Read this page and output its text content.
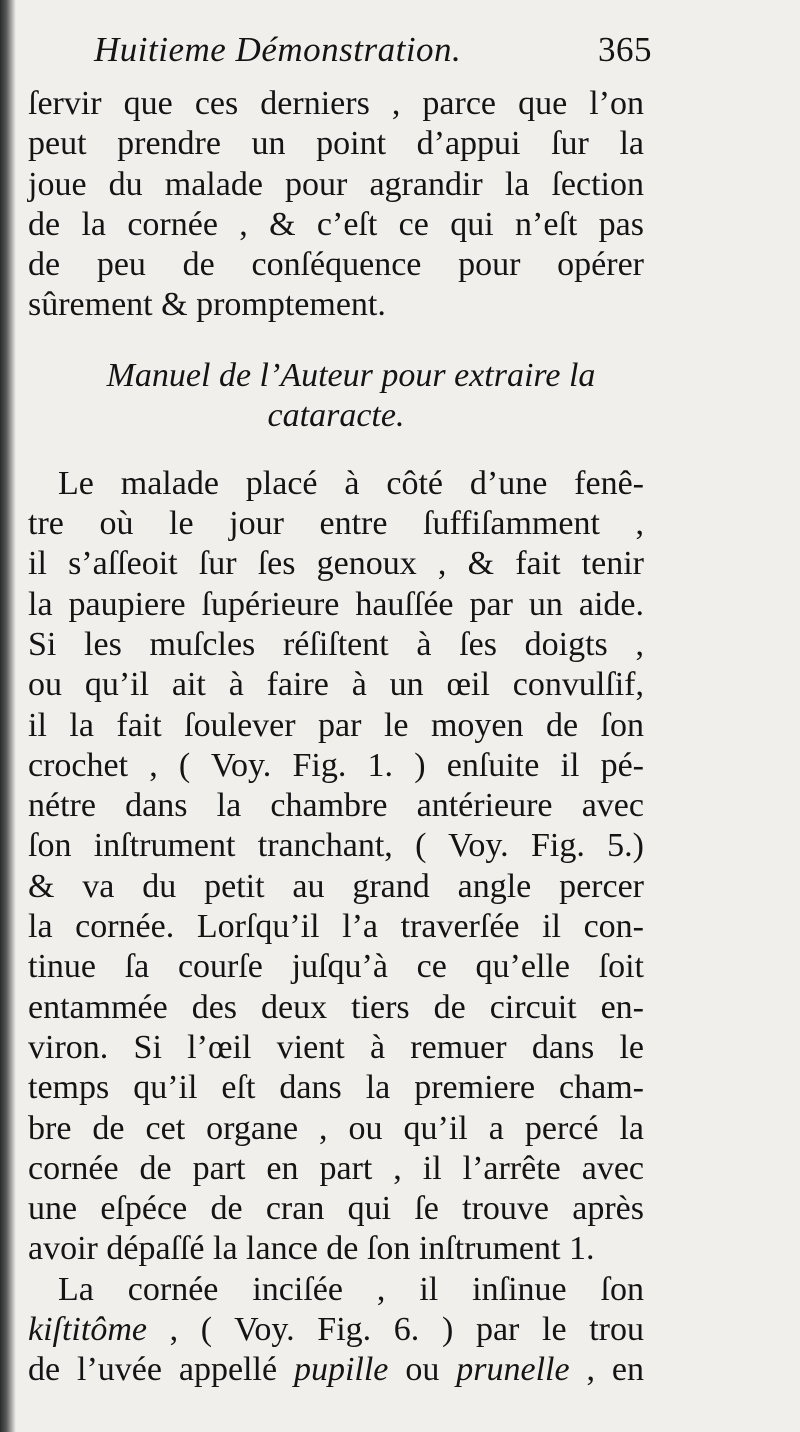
Huitieme Démonstration.	365
ſervir que ces derniers , parce que l’on
peut prendre un point d’appui ſur la
joue du malade pour agrandir la ſection
de la cornée , & c’eſt ce qui n’eſt pas
de peu de conſéquence pour opérer
sûrement & promptement.
Manuel de l’Auteur pour extraire la
cataracte.
Le malade placé à côté d’une fenê-
tre où le jour entre ſuffiſamment ,
il s’aſſeoit ſur ſes genoux , & fait tenir
la paupiere ſupérieure hauſſée par un aide.
Si les muſcles réſiſtent à ſes doigts ,
ou qu’il ait à faire à un œil convulſif,
il la fait ſoulever par le moyen de ſon
crochet , ( Voy. Fig. 1. ) enſuite il pé-
nétre dans la chambre antérieure avec
ſon inſtrument tranchant, ( Voy. Fig. 5.)
& va du petit au grand angle percer
la cornée. Lorſqu’il l’a traverſée il con-
tinue ſa courſe juſqu’à ce qu’elle ſoit
entammée des deux tiers de circuit en-
viron. Si l’œil vient à remuer dans le
temps qu’il eſt dans la premiere cham-
bre de cet organe , ou qu’il a percé la
cornée de part en part , il l’arrête avec
une eſpéce de cran qui ſe trouve après
avoir dépaſſé la lance de ſon inſtrument 1.
La cornée inciſée , il inſinue ſon
kiſtitôme , ( Voy. Fig. 6. ) par le trou
de l’uvée appellé pupille ou prunelle , en
